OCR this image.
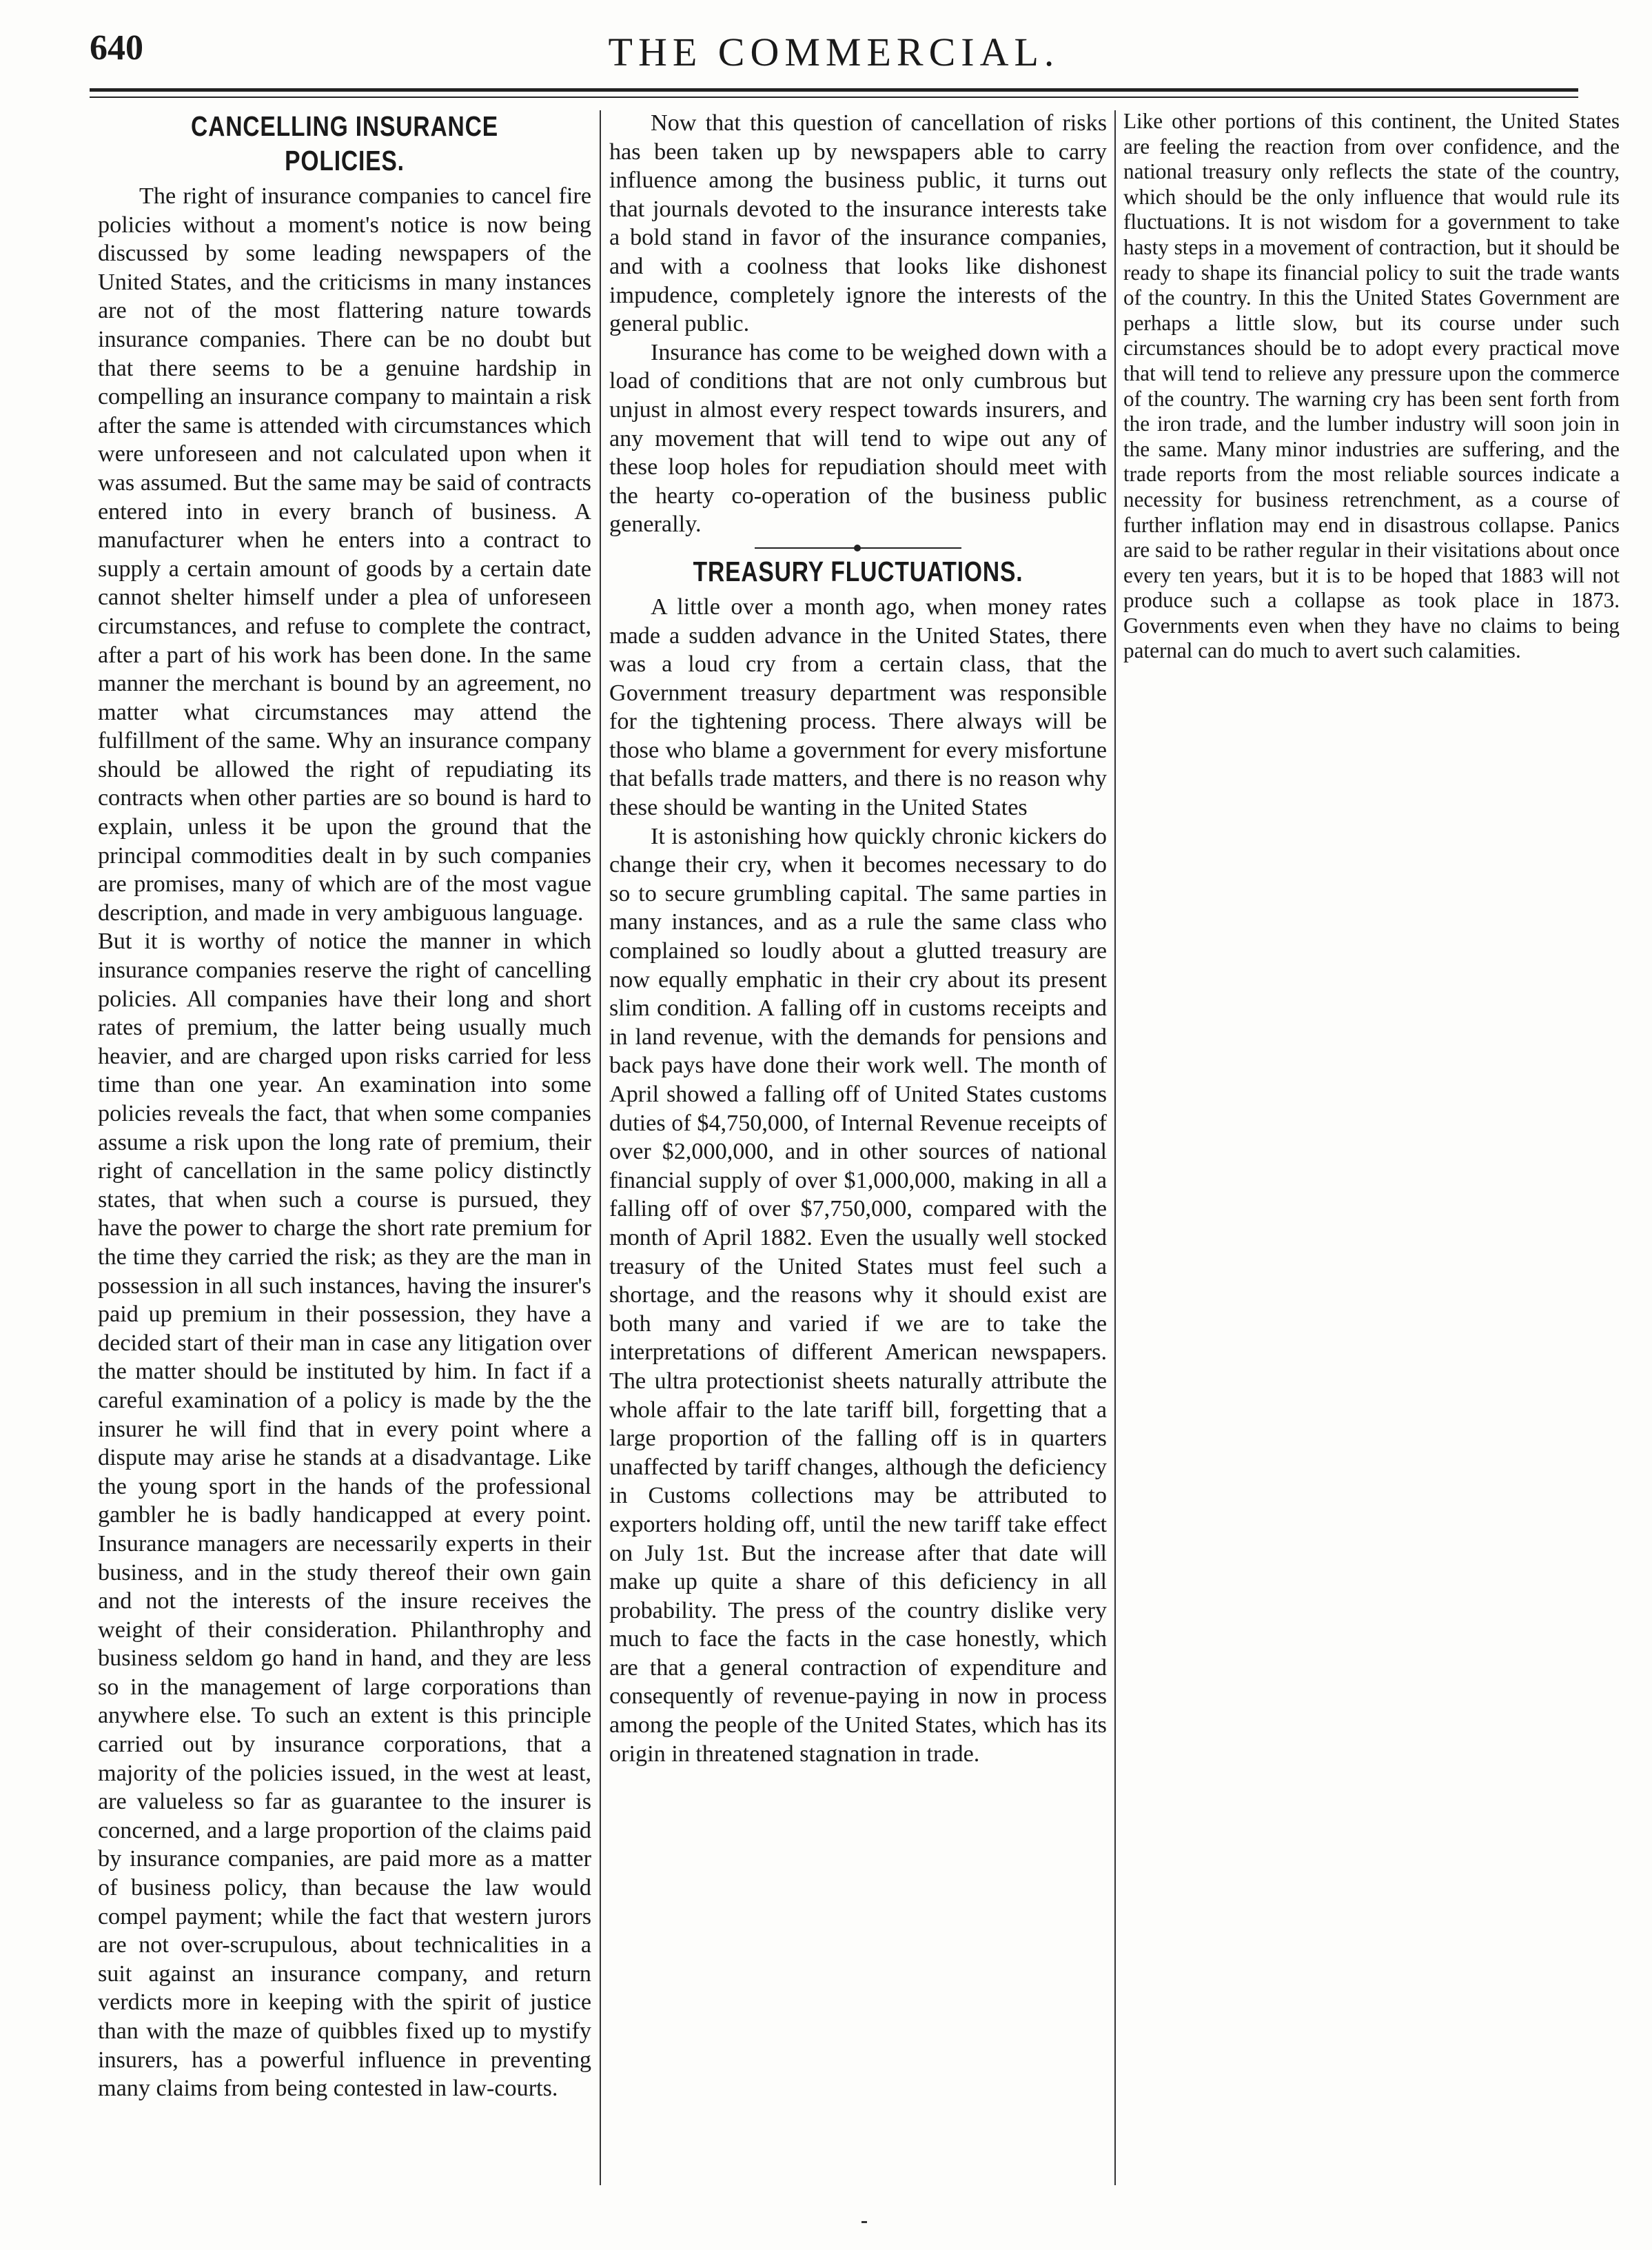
640	THE COMMERCIAL.
CANCELLING INSURANCE POLICIES.

The right of insurance companies to cancel fire policies without a moment's notice is now being discussed by some leading newspapers of the United States, and the criticisms in many instances are not of the most flattering nature towards insurance companies. There can be no doubt but that there seems to be a genuine hardship in compelling an insurance company to maintain a risk after the same is attended with circumstances which were unforeseen and not calculated upon when it was assumed. But the same may be said of contracts entered into in every branch of business. A manufacturer when he enters into a contract to supply a certain amount of goods by a certain date cannot shelter himself under a plea of unforeseen circumstances, and refuse to complete the contract, after a part of his work has been done. In the same manner the merchant is bound by an agreement, no matter what circumstances may attend the fulfillment of the same. Why an insurance company should be allowed the right of repudiating its contracts when other parties are so bound is hard to explain, unless it be upon the ground that the principal commodities dealt in by such companies are promises, many of which are of the most vague description, and made in very ambiguous language.

But it is worthy of notice the manner in which insurance companies reserve the right of cancelling policies. All companies have their long and short rates of premium, the latter being usually much heavier, and are charged upon risks carried for less time than one year. An examination into some policies reveals the fact, that when some companies assume a risk upon the long rate of premium, their right of cancellation in the same policy distinctly states, that when such a course is pursued, they have the power to charge the short rate premium for the time they carried the risk; as they are the man in possession in all such instances, having the insurer's paid up premium in their possession, they have a decided start of their man in case any litigation over the matter should be instituted by him. In fact if a careful examination of a policy is made by the the insurer he will find that in every point where a dispute may arise he stands at a disadvantage. Like the young sport in the hands of the professional gambler he is badly handicapped at every point. Insurance managers are necessarily experts in their business, and in the study thereof their own gain and not the interests of the insure receives the weight of their consideration. Philanthrophy and business seldom go hand in hand, and they are less so in the management of large corporations than anywhere else. To such an extent is this principle carried out by insurance corporations, that a majority of the policies issued, in the west at least, are valueless so far as guarantee to the insurer is concerned, and a large proportion of the claims paid by insurance companies, are paid more as a matter of business policy, than because the law would compel payment; while the fact that western jurors are not over-scrupulous, about technicalities in a suit against an insurance company, and return verdicts more in keeping with the spirit of justice than with the maze of quibbles fixed up to mystify insurers, has a powerful influence in preventing many claims from being contested in law-courts.

Now that this question of cancellation of risks has been taken up by newspapers able to carry influence among the business public, it turns out that journals devoted to the insurance interests take a bold stand in favor of the insurance companies, and with a coolness that looks like dishonest impudence, completely ignore the interests of the general public.

Insurance has come to be weighed down with a load of conditions that are not only cumbrous but unjust in almost every respect towards insurers, and any movement that will tend to wipe out any of these loop holes for repudiation should meet with the hearty co-operation of the business public generally.

TREASURY FLUCTUATIONS.

A little over a month ago, when money rates made a sudden advance in the United States, there was a loud cry from a certain class, that the Government treasury department was responsible for the tightening process. There always will be those who blame a government for every misfortune that befalls trade matters, and there is no reason why these should be wanting in the United States

It is astonishing how quickly chronic kickers do change their cry, when it becomes necessary to do so to secure grumbling capital. The same parties in many instances, and as a rule the same class who complained so loudly about a glutted treasury are now equally emphatic in their cry about its present slim condition. A falling off in customs receipts and in land revenue, with the demands for pensions and back pays have done their work well. The month of April showed a falling off of United States customs duties of $4,750,000, of Internal Revenue receipts of over $2,000,000, and in other sources of national financial supply of over $1,000,000, making in all a falling off of over $7,750,000, compared with the month of April 1882. Even the usually well stocked treasury of the United States must feel such a shortage, and the reasons why it should exist are both many and varied if we are to take the interpretations of different American newspapers. The ultra protectionist sheets naturally attribute the whole affair to the late tariff bill, forgetting that a large proportion of the falling off is in quarters unaffected by tariff changes, although the deficiency in Customs collections may be attributed to exporters holding off, until the new tariff take effect on July 1st. But the increase after that date will make up quite a share of this deficiency in all probability. The press of the country dislike very much to face the facts in the case honestly, which are that a general contraction of expenditure and consequently of revenue-paying in now in process among the people of the United States, which has its origin in threatened stagnation in trade.

Like other portions of this continent, the United States are feeling the reaction from over confidence, and the national treasury only reflects the state of the country, which should be the only influence that would rule its fluctuations. It is not wisdom for a government to take hasty steps in a movement of contraction, but it should be ready to shape its financial policy to suit the trade wants of the country. In this the United States Government are perhaps a little slow, but its course under such circumstances should be to adopt every practical move that will tend to relieve any pressure upon the commerce of the country. The warning cry has been sent forth from the iron trade, and the lumber industry will soon join in the same. Many minor industries are suffering, and the trade reports from the most reliable sources indicate a necessity for business retrenchment, as a course of further inflation may end in disastrous collapse. Panics are said to be rather regular in their visitations about once every ten years, but it is to be hoped that 1883 will not produce such a collapse as took place in 1873. Governments even when they have no claims to being paternal can do much to avert such calamities.
